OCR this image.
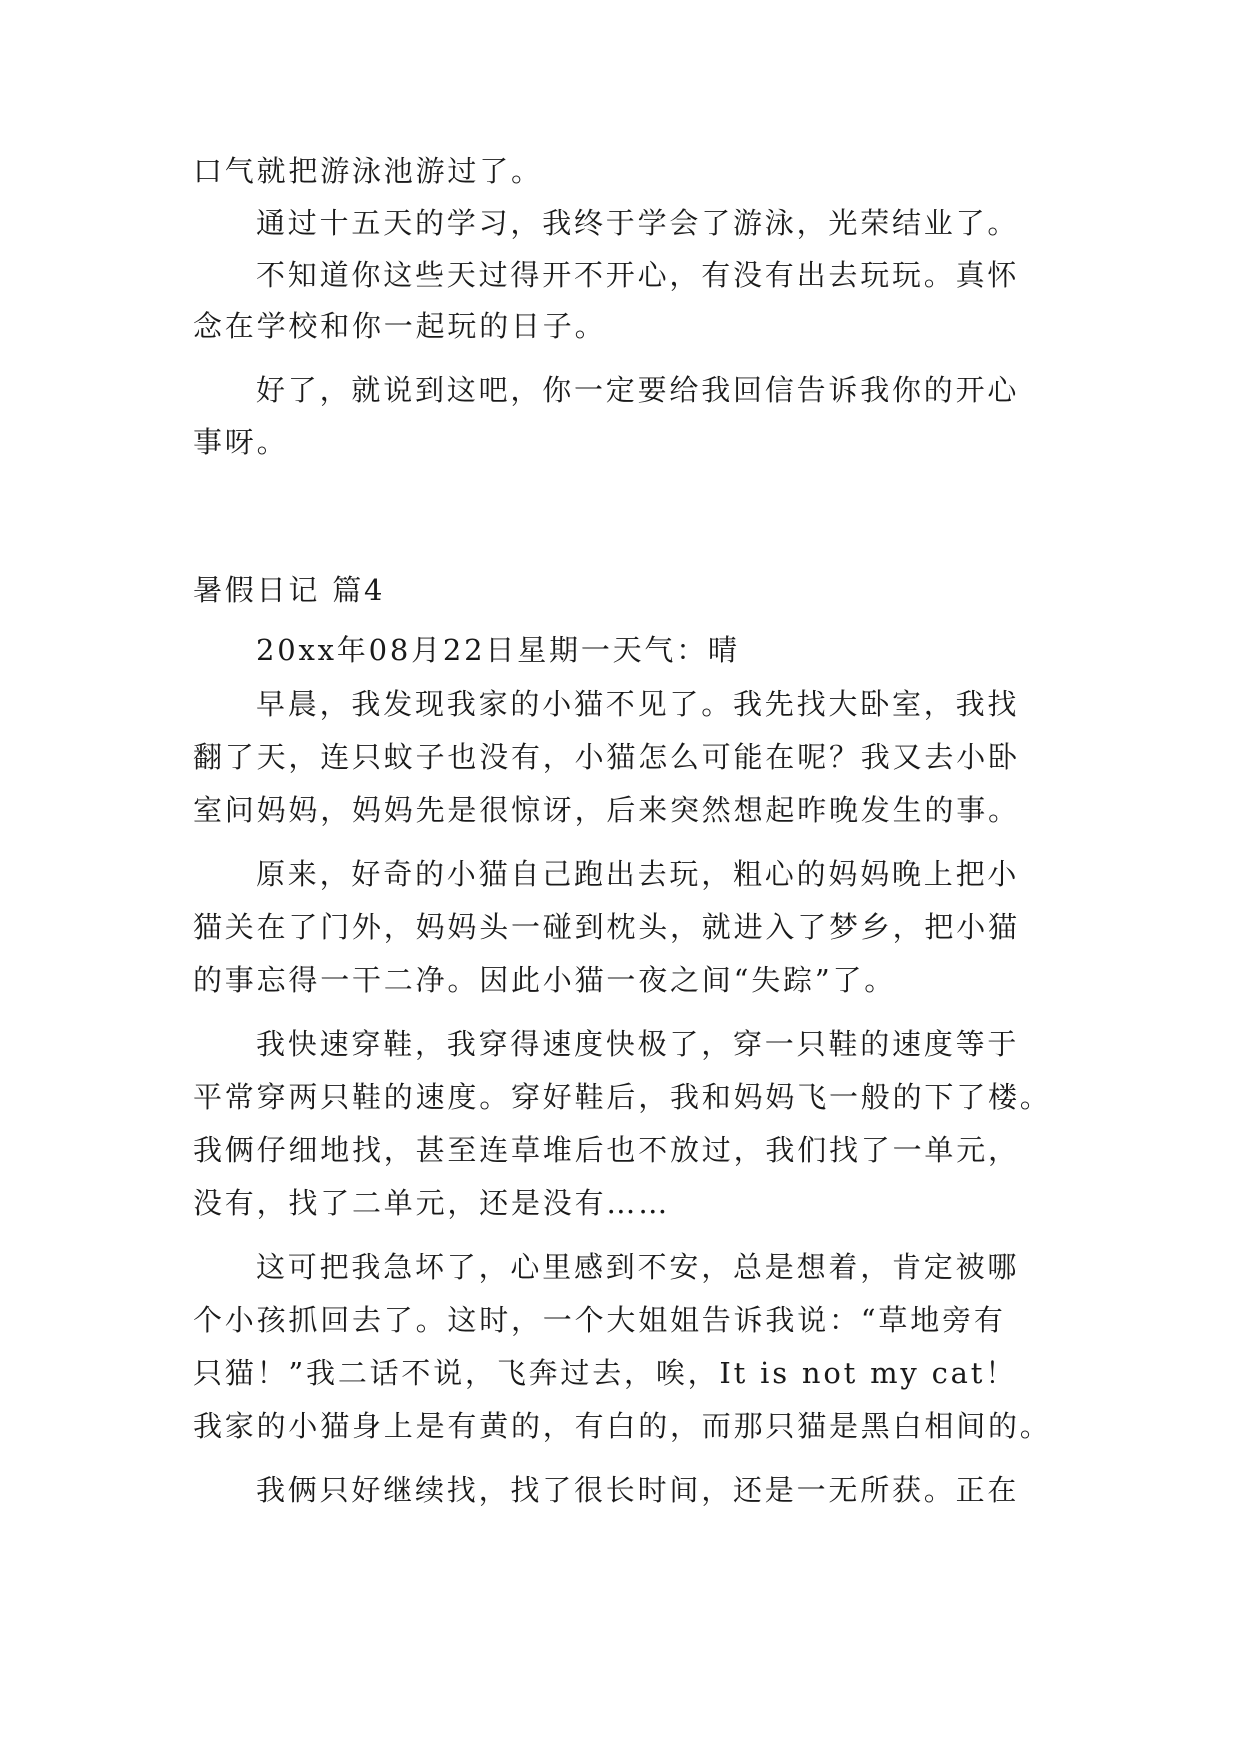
口气就把游泳池游过了。
通过十五天的学习，我终于学会了游泳，光荣结业了。
不知道你这些天过得开不开心，有没有出去玩玩。真怀
念在学校和你一起玩的日子。
好了，就说到这吧，你一定要给我回信告诉我你的开心
事呀。
暑假日记 篇4
20xx年08月22日星期一天气：晴
早晨，我发现我家的小猫不见了。我先找大卧室，我找
翻了天，连只蚊子也没有，小猫怎么可能在呢？我又去小卧
室问妈妈，妈妈先是很惊讶，后来突然想起昨晚发生的事。
原来，好奇的小猫自己跑出去玩，粗心的妈妈晚上把小
猫关在了门外，妈妈头一碰到枕头，就进入了梦乡，把小猫
的事忘得一干二净。因此小猫一夜之间“失踪”了。
我快速穿鞋，我穿得速度快极了，穿一只鞋的速度等于
平常穿两只鞋的速度。穿好鞋后，我和妈妈飞一般的下了楼。
我俩仔细地找，甚至连草堆后也不放过，我们找了一单元，
没有，找了二单元，还是没有……
这可把我急坏了，心里感到不安，总是想着，肯定被哪
个小孩抓回去了。这时，一个大姐姐告诉我说：“草地旁有
只猫！”我二话不说，飞奔过去，唉，It is not my cat！
我家的小猫身上是有黄的，有白的，而那只猫是黑白相间的。
我俩只好继续找，找了很长时间，还是一无所获。正在
